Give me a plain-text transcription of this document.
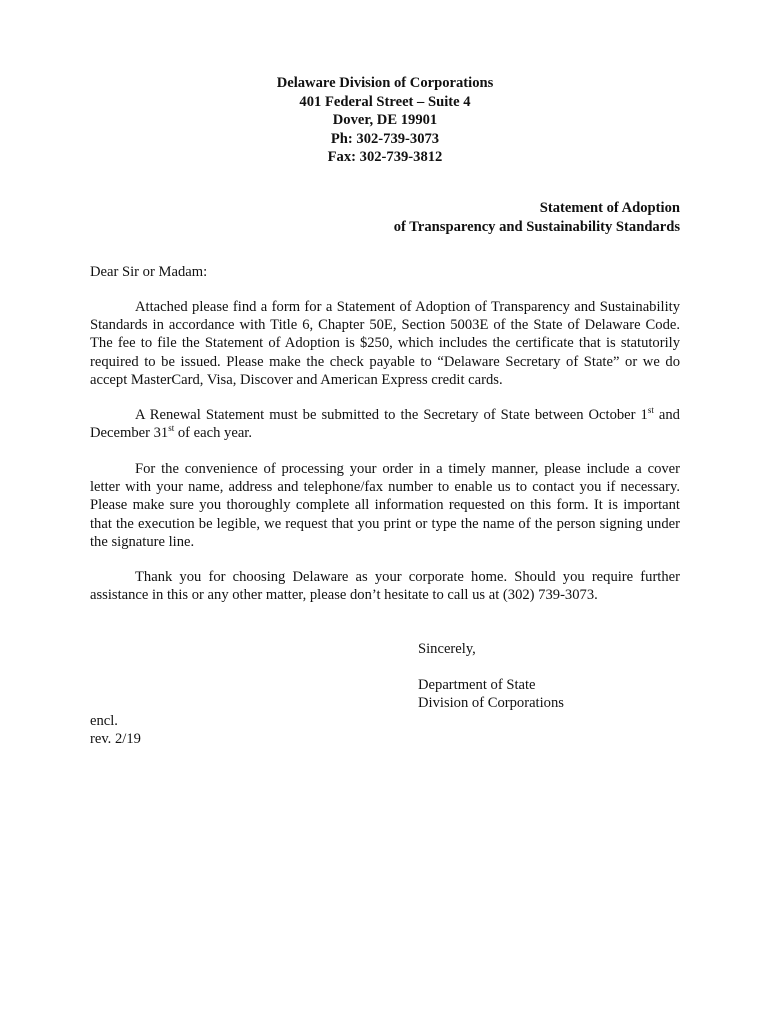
Delaware Division of Corporations
401 Federal Street – Suite 4
Dover, DE 19901
Ph: 302-739-3073
Fax: 302-739-3812
Statement of Adoption
of Transparency and Sustainability Standards
Dear Sir or Madam:
Attached please find a form for a Statement of Adoption of Transparency and Sustainability Standards in accordance with Title 6, Chapter 50E, Section 5003E of the State of Delaware Code. The fee to file the Statement of Adoption is $250, which includes the certificate that is statutorily required to be issued. Please make the check payable to “Delaware Secretary of State” or we do accept MasterCard, Visa, Discover and American Express credit cards.
A Renewal Statement must be submitted to the Secretary of State between October 1st and December 31st of each year.
For the convenience of processing your order in a timely manner, please include a cover letter with your name, address and telephone/fax number to enable us to contact you if necessary. Please make sure you thoroughly complete all information requested on this form. It is important that the execution be legible, we request that you print or type the name of the person signing under the signature line.
Thank you for choosing Delaware as your corporate home. Should you require further assistance in this or any other matter, please don’t hesitate to call us at (302) 739-3073.
Sincerely,
Department of State
Division of Corporations
encl.
rev. 2/19
